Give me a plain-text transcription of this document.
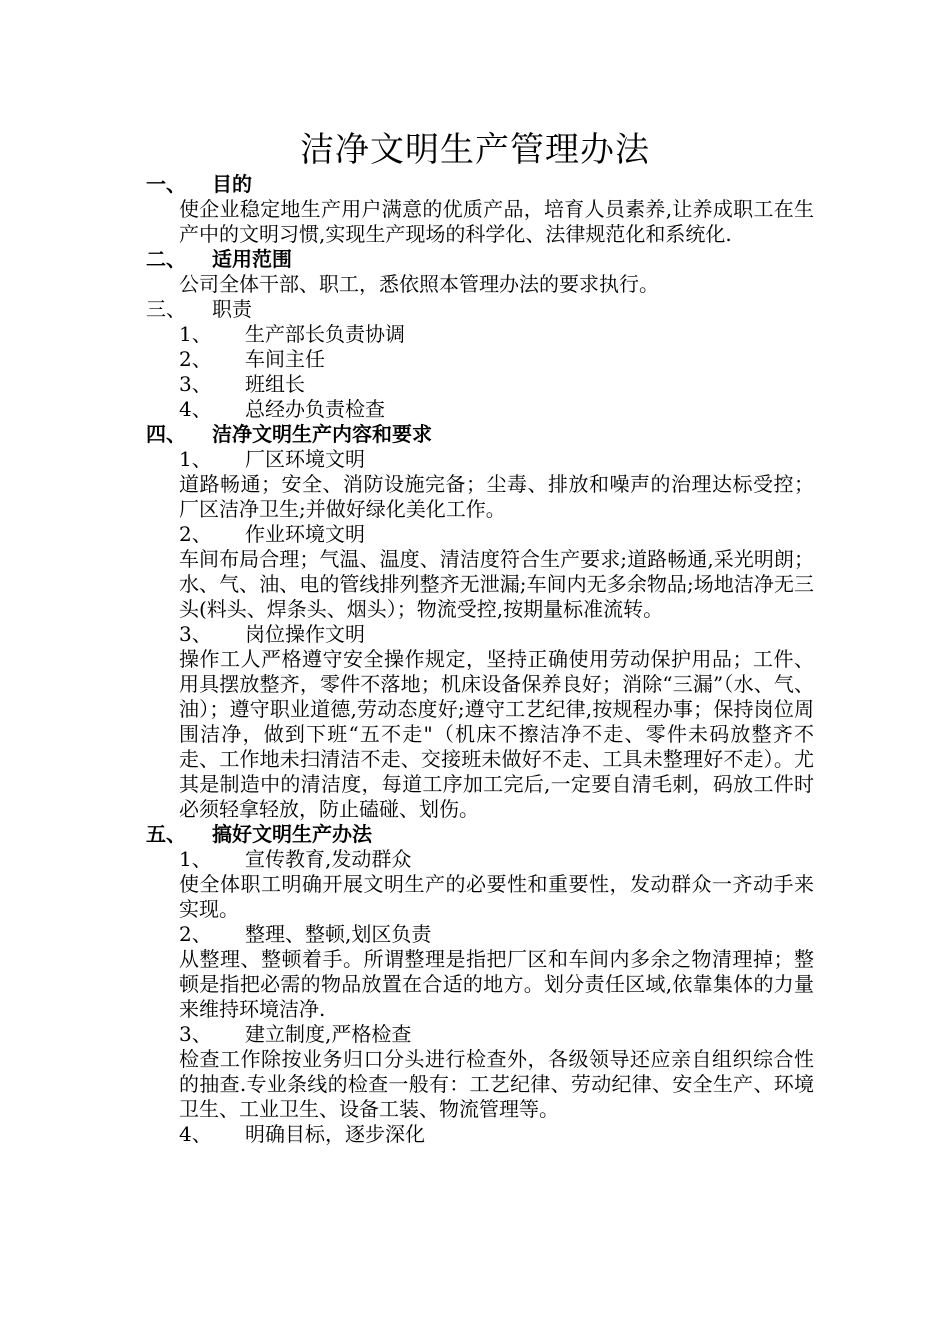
洁净文明生产管理办法
一、	目的
使企业稳定地生产用户满意的优质产品，培育人员素养,让养成职工在生产中的文明习惯,实现生产现场的科学化、法律规范化和系统化.
二、	适用范围
公司全体干部、职工，悉依照本管理办法的要求执行。
三、	职责
1、	生产部长负责协调
2、	车间主任
3、	班组长
4、	总经办负责检查
四、	洁净文明生产内容和要求
1、	厂区环境文明
道路畅通；安全、消防设施完备；尘毒、排放和噪声的治理达标受控；厂区洁净卫生;并做好绿化美化工作。
2、	作业环境文明
车间布局合理；气温、温度、清洁度符合生产要求;道路畅通,采光明朗；水、气、油、电的管线排列整齐无泄漏;车间内无多余物品;场地洁净无三头(料头、焊条头、烟头）；物流受控,按期量标准流转。
3、	岗位操作文明
操作工人严格遵守安全操作规定，坚持正确使用劳动保护用品；工件、用具摆放整齐，零件不落地；机床设备保养良好；消除“三漏”（水、气、油）；遵守职业道德,劳动态度好;遵守工艺纪律,按规程办事；保持岗位周围洁净，做到下班“五不走"（机床不擦洁净不走、零件未码放整齐不走、工作地未扫清洁不走、交接班未做好不走、工具未整理好不走）。尤其是制造中的清洁度，每道工序加工完后,一定要自清毛刺，码放工件时必须轻拿轻放，防止磕碰、划伤。
五、	搞好文明生产办法
1、	宣传教育,发动群众
使全体职工明确开展文明生产的必要性和重要性，发动群众一齐动手来实现。
2、	整理、整顿,划区负责
从整理、整顿着手。所谓整理是指把厂区和车间内多余之物清理掉；整顿是指把必需的物品放置在合适的地方。划分责任区域,依靠集体的力量来维持环境洁净.
3、	建立制度,严格检查
检查工作除按业务归口分头进行检查外，各级领导还应亲自组织综合性的抽查.专业条线的检查一般有：工艺纪律、劳动纪律、安全生产、环境卫生、工业卫生、设备工装、物流管理等。
4、	明确目标，逐步深化
